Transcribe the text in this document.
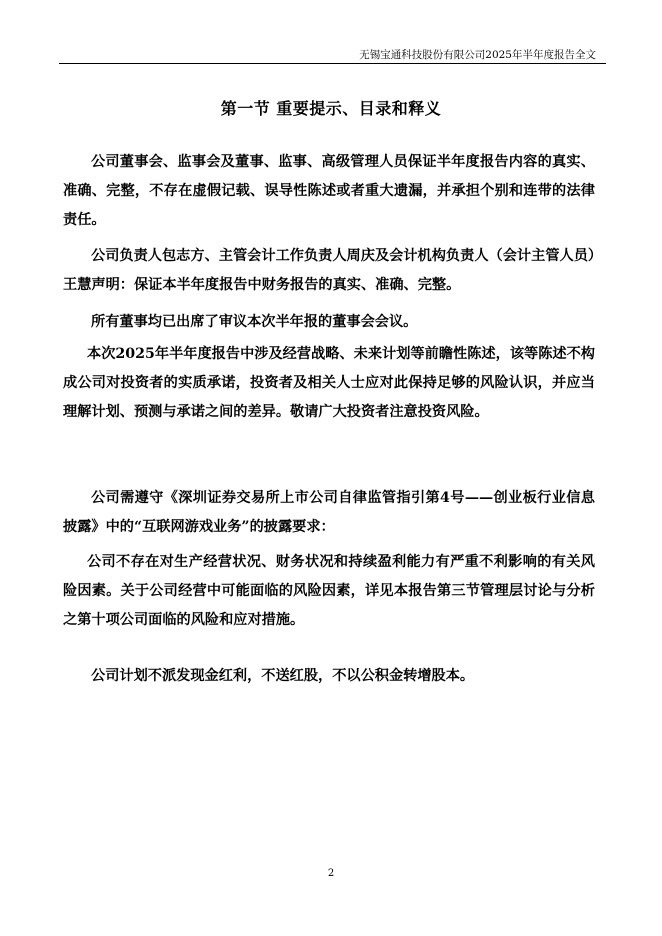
无锡宝通科技股份有限公司2025年半年度报告全文
第一节 重要提示、目录和释义

公司董事会、监事会及董事、监事、高级管理人员保证半年度报告内容的真实、准确、完整，不存在虚假记载、误导性陈述或者重大遗漏，并承担个别和连带的法律责任。

公司负责人包志方、主管会计工作负责人周庆及会计机构负责人（会计主管人员）王慧声明：保证本半年度报告中财务报告的真实、准确、完整。

所有董事均已出席了审议本次半年报的董事会会议。

本次2025年半年度报告中涉及经营战略、未来计划等前瞻性陈述，该等陈述不构成公司对投资者的实质承诺，投资者及相关人士应对此保持足够的风险认识，并应当理解计划、预测与承诺之间的差异。敬请广大投资者注意投资风险。

公司需遵守《深圳证券交易所上市公司自律监管指引第4号——创业板行业信息披露》中的“互联网游戏业务”的披露要求：

公司不存在对生产经营状况、财务状况和持续盈利能力有严重不利影响的有关风险因素。关于公司经营中可能面临的风险因素，详见本报告第三节管理层讨论与分析之第十项公司面临的风险和应对措施。

公司计划不派发现金红利，不送红股，不以公积金转增股本。

2
